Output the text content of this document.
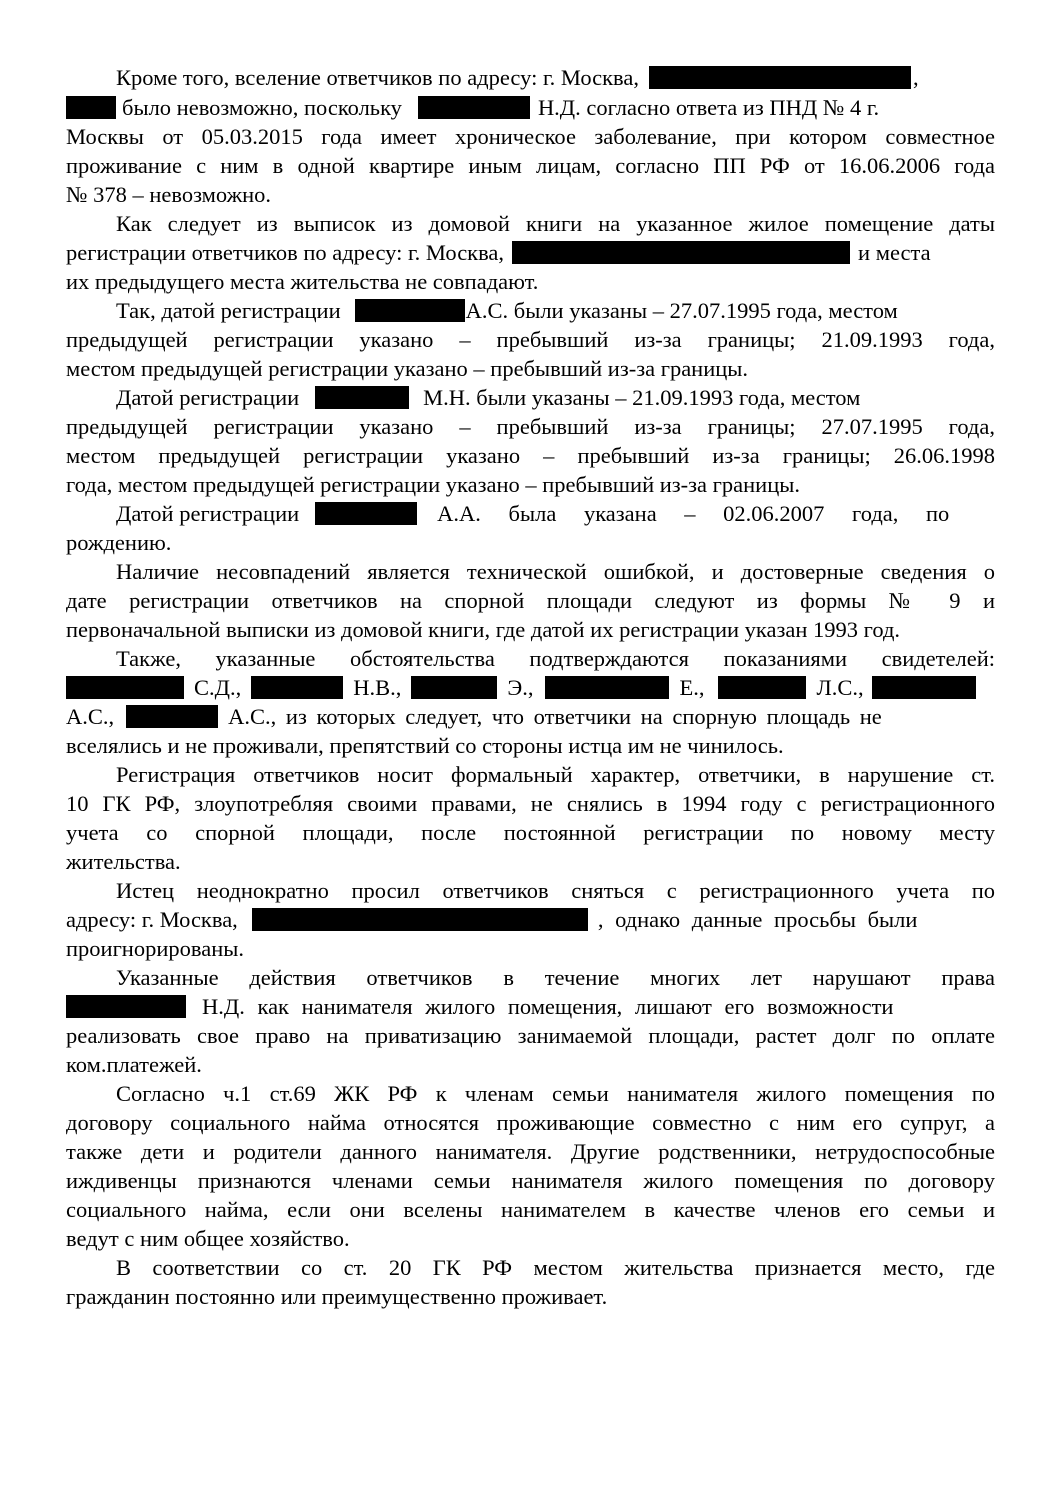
Кроме того, вселение ответчиков по адресу: г. Москва,	,
было невозможно, поскольку	Н.Д. согласно ответа из ПНД № 4 г.
Москвы от 05.03.2015 года имеет хроническое заболевание, при котором совместное
проживание с ним в одной квартире иным лицам, согласно ПП РФ от 16.06.2006 года
№ 378 – невозможно.
Как следует из выписок из домовой книги на указанное жилое помещение даты
регистрации ответчиков по адресу: г. Москва,	и места
их предыдущего места жительства не совпадают.
Так, датой регистрации	А.С. были указаны – 27.07.1995 года, местом
предыдущей регистрации указано – пребывший из-за границы; 21.09.1993 года,
местом предыдущей регистрации указано – пребывший из-за границы.
Датой регистрации	М.Н. были указаны – 21.09.1993 года, местом
предыдущей регистрации указано – пребывший из-за границы; 27.07.1995 года,
местом предыдущей регистрации указано – пребывший из-за границы; 26.06.1998
года, местом предыдущей регистрации указано – пребывший из-за границы.
Датой регистрации	А.А. была указана – 02.06.2007 года, по
рождению.
Наличие несовпадений является технической ошибкой, и достоверные сведения о
дате регистрации ответчиков на спорной площади следуют из формы № 9 и
первоначальной выписки из домовой книги, где датой их регистрации указан 1993 год.
Также, указанные обстоятельства подтверждаются показаниями свидетелей:
С.Д.,	Н.В.,	Э.,	Е.,	Л.С.,
А.С.,	А.С., из которых следует, что ответчики на спорную площадь не
вселялись и не проживали, препятствий со стороны истца им не чинилось.
Регистрация ответчиков носит формальный характер, ответчики, в нарушение ст.
10 ГК РФ, злоупотребляя своими правами, не снялись в 1994 году с регистрационного
учета со спорной площади, после постоянной регистрации по новому месту
жительства.
Истец неоднократно просил ответчиков сняться с регистрационного учета по
адресу: г. Москва,	, однако данные просьбы были
проигнорированы.
Указанные действия ответчиков в течение многих лет нарушают права
Н.Д. как нанимателя жилого помещения, лишают его возможности
реализовать свое право на приватизацию занимаемой площади, растет долг по оплате
ком.платежей.
Согласно ч.1 ст.69 ЖК РФ к членам семьи нанимателя жилого помещения по
договору социального найма относятся проживающие совместно с ним его супруг, а
также дети и родители данного нанимателя. Другие родственники, нетрудоспособные
иждивенцы признаются членами семьи нанимателя жилого помещения по договору
социального найма, если они вселены нанимателем в качестве членов его семьи и
ведут с ним общее хозяйство.
В соответствии со ст. 20 ГК РФ местом жительства признается место, где
гражданин постоянно или преимущественно проживает.
